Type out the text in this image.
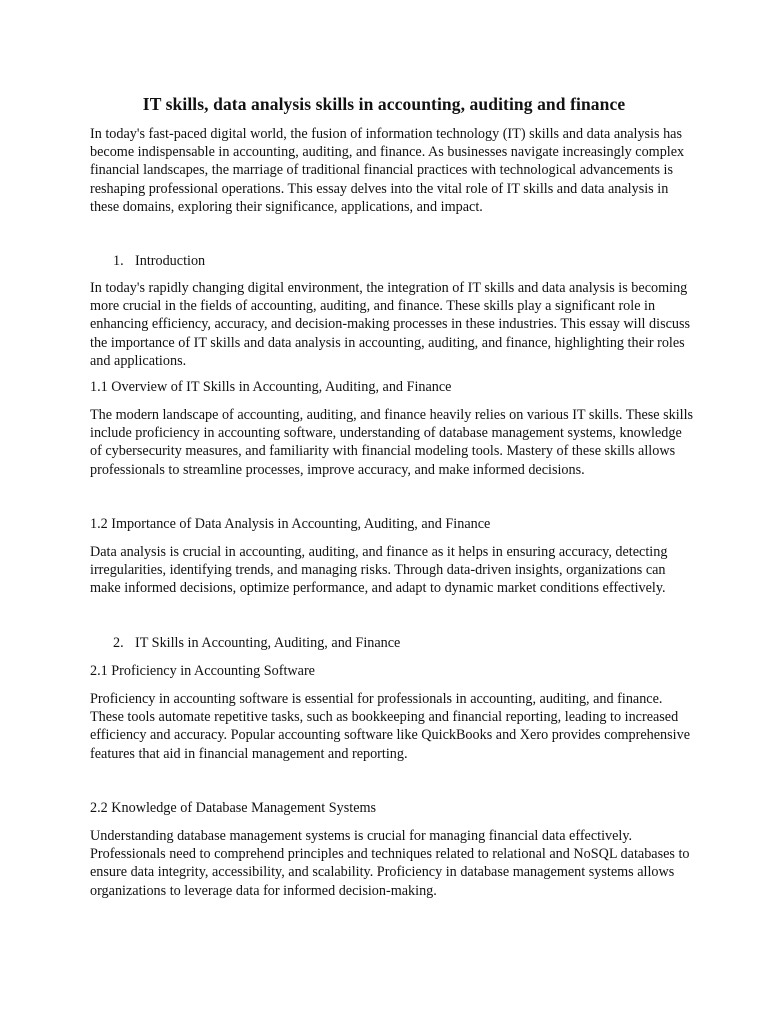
IT skills, data analysis skills in accounting, auditing and finance
In today's fast-paced digital world, the fusion of information technology (IT) skills and data analysis has
become indispensable in accounting, auditing, and finance. As businesses navigate increasingly complex
financial landscapes, the marriage of traditional financial practices with technological advancements is
reshaping professional operations. This essay delves into the vital role of IT skills and data analysis in
these domains, exploring their significance, applications, and impact.
1. Introduction
In today's rapidly changing digital environment, the integration of IT skills and data analysis is becoming
more crucial in the fields of accounting, auditing, and finance. These skills play a significant role in
enhancing efficiency, accuracy, and decision-making processes in these industries. This essay will discuss
the importance of IT skills and data analysis in accounting, auditing, and finance, highlighting their roles
and applications.
1.1 Overview of IT Skills in Accounting, Auditing, and Finance
The modern landscape of accounting, auditing, and finance heavily relies on various IT skills. These skills
include proficiency in accounting software, understanding of database management systems, knowledge
of cybersecurity measures, and familiarity with financial modeling tools. Mastery of these skills allows
professionals to streamline processes, improve accuracy, and make informed decisions.
1.2 Importance of Data Analysis in Accounting, Auditing, and Finance
Data analysis is crucial in accounting, auditing, and finance as it helps in ensuring accuracy, detecting
irregularities, identifying trends, and managing risks. Through data-driven insights, organizations can
make informed decisions, optimize performance, and adapt to dynamic market conditions effectively.
2. IT Skills in Accounting, Auditing, and Finance
2.1 Proficiency in Accounting Software
Proficiency in accounting software is essential for professionals in accounting, auditing, and finance.
These tools automate repetitive tasks, such as bookkeeping and financial reporting, leading to increased
efficiency and accuracy. Popular accounting software like QuickBooks and Xero provides comprehensive
features that aid in financial management and reporting.
2.2 Knowledge of Database Management Systems
Understanding database management systems is crucial for managing financial data effectively.
Professionals need to comprehend principles and techniques related to relational and NoSQL databases to
ensure data integrity, accessibility, and scalability. Proficiency in database management systems allows
organizations to leverage data for informed decision-making.
